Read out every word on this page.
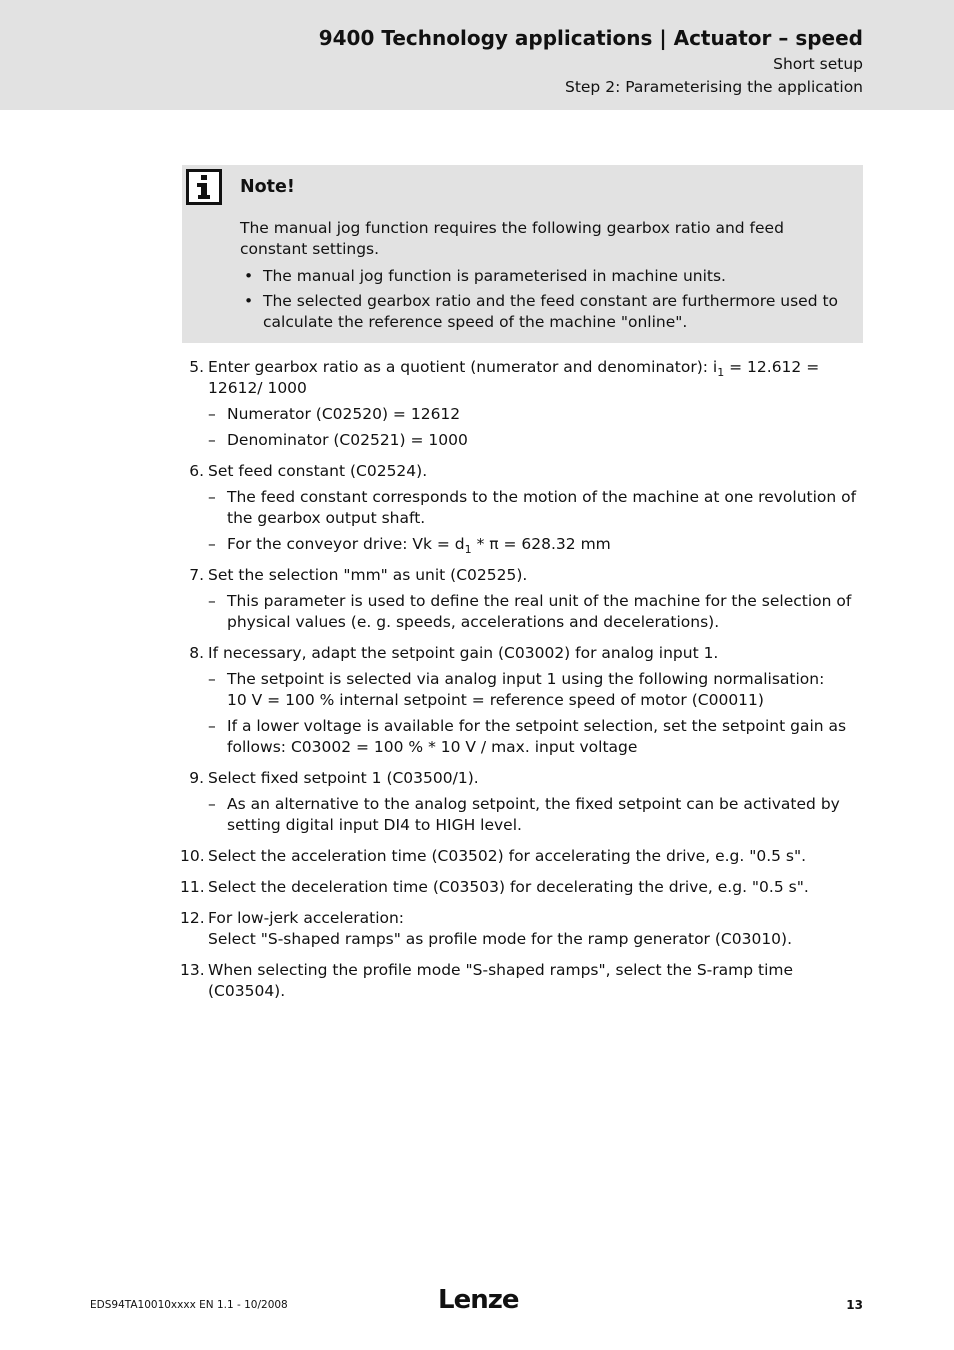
9400 Technology applications | Actuator – speed
Short setup
Step 2: Parameterising the application
Note!
The manual jog function requires the following gearbox ratio and feed constant settings.
• The manual jog function is parameterised in machine units.
• The selected gearbox ratio and the feed constant are furthermore used to calculate the reference speed of the machine "online".
5. Enter gearbox ratio as a quotient (numerator and denominator): $i_1 = 12.612 = 12612/$ 1000
– Numerator (C02520) = 12612
– Denominator (C02521) = 1000
6. Set feed constant (C02524).
– The feed constant corresponds to the motion of the machine at one revolution of the gearbox output shaft.
– For the conveyor drive: $Vk = d_1 * \pi = 628.32$ mm
7. Set the selection "mm" as unit (C02525).
– This parameter is used to define the real unit of the machine for the selection of physical values (e. g. speeds, accelerations and decelerations).
8. If necessary, adapt the setpoint gain (C03002) for analog input 1.
– The setpoint is selected via analog input 1 using the following normalisation:
10 V = 100 % internal setpoint = reference speed of motor (C00011)
– If a lower voltage is available for the setpoint selection, set the setpoint gain as follows: C03002 = 100 % * 10 V / max. input voltage
9. Select fixed setpoint 1 (C03500/1).
– As an alternative to the analog setpoint, the fixed setpoint can be activated by setting digital input DI4 to HIGH level.
10. Select the acceleration time (C03502) for accelerating the drive, e.g. "0.5 s".
11. Select the deceleration time (C03503) for decelerating the drive, e.g. "0.5 s".
12. For low-jerk acceleration:
Select "S-shaped ramps" as profile mode for the ramp generator (C03010).
13. When selecting the profile mode "S-shaped ramps", select the S-ramp time (C03504).
EDS94TA10010xxxx EN 1.1 - 10/2008	Lenze	13
